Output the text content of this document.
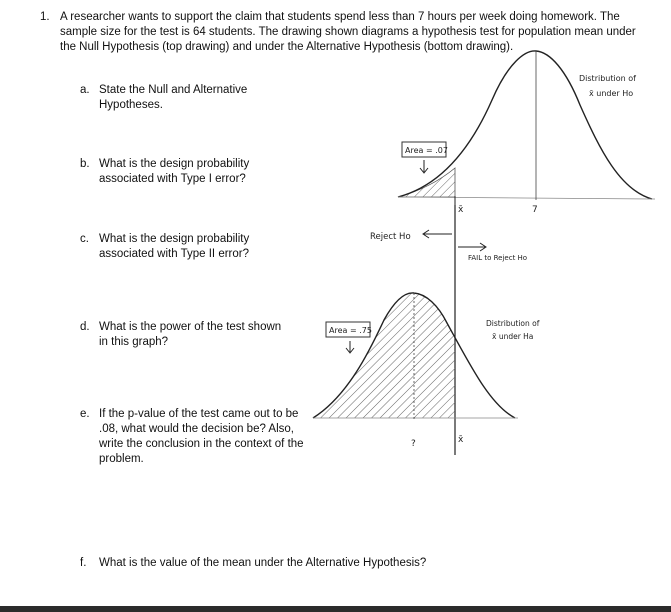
1. A researcher wants to support the claim that students spend less than 7 hours per week doing homework. The sample size for the test is 64 students. The drawing shown diagrams a hypothesis test for population mean under the Null Hypothesis (top drawing) and under the Alternative Hypothesis (bottom drawing).
a. State the Null and Alternative Hypotheses.
b. What is the design probability associated with Type I error?
c. What is the design probability associated with Type II error?
d. What is the power of the test shown in this graph?
e. If the p-value of the test came out to be .08, what would the decision be? Also, write the conclusion in the context of the problem.
f. What is the value of the mean under the Alternative Hypothesis?
Area = .07
Distribution of
x̄ under Ho
7
x̄
Reject Ho
FAIL to Reject Ho
Area = .75
Distribution of
x̄ under Ha
?	x̄
